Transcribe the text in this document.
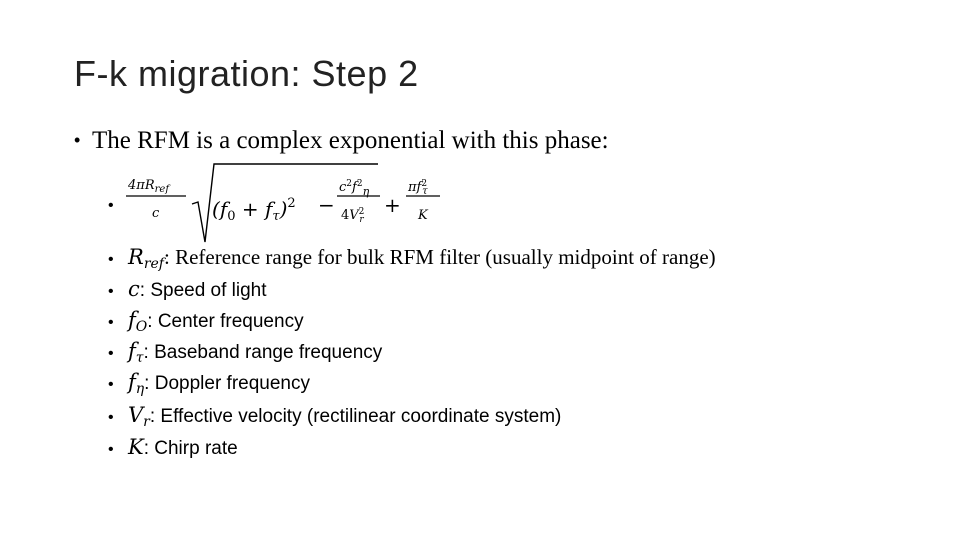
F-k migration: Step 2
• The RFM is a complex exponential with this phase:
•
$4\pi R_{ref}$
c	$(f_0 + f_\tau)^2$ −
$c^2f^2_\eta$
$4V^2$ r
+
$\pi f^2$ τ
K
• $R_{ref}$: Reference range for bulk RFM filter (usually midpoint of range)
• c: Speed of light
• $f_O$: Center frequency
• $f_\tau$: Baseband range frequency
• $f_\eta$: Doppler frequency
• $V_r$: Effective velocity (rectilinear coordinate system)
• K: Chirp rate
